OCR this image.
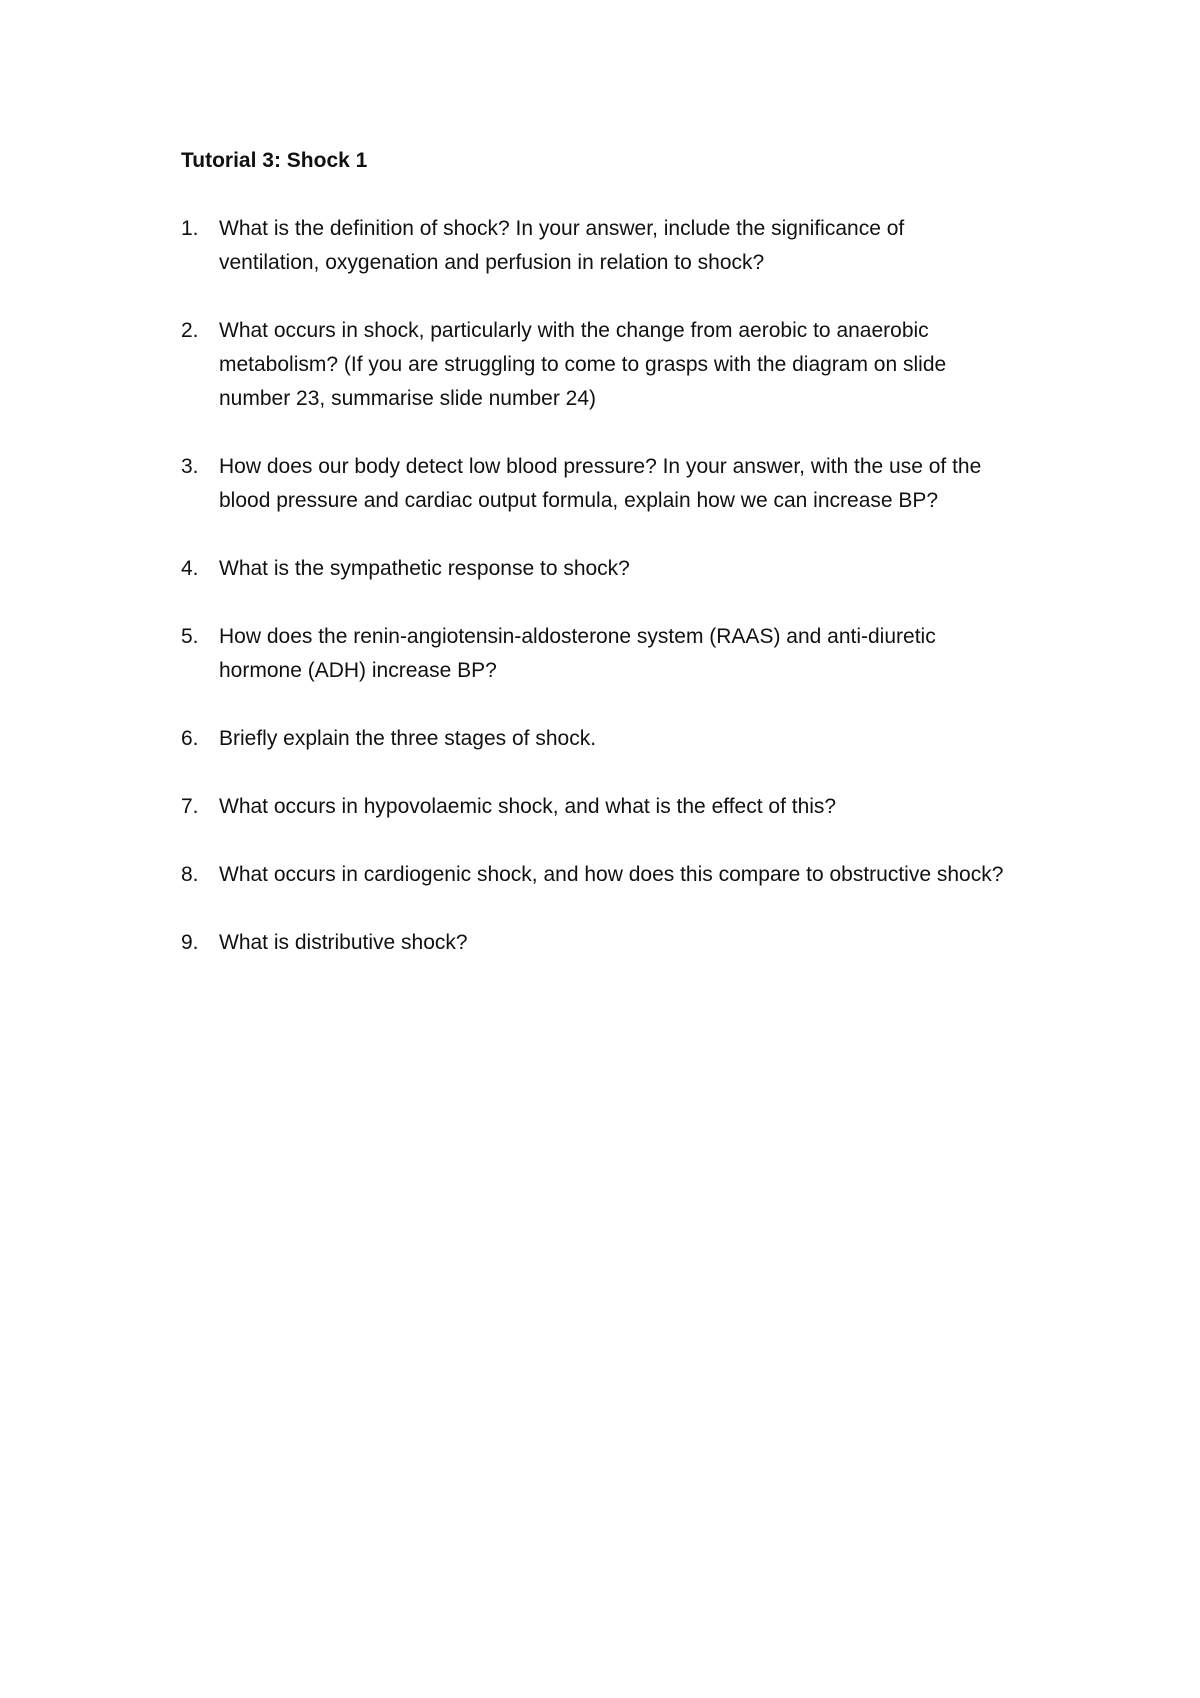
Tutorial 3: Shock 1
1. What is the definition of shock? In your answer, include the significance of
ventilation, oxygenation and perfusion in relation to shock?
2. What occurs in shock, particularly with the change from aerobic to anaerobic
metabolism? (If you are struggling to come to grasps with the diagram on slide
number 23, summarise slide number 24)
3. How does our body detect low blood pressure? In your answer, with the use of the
blood pressure and cardiac output formula, explain how we can increase BP?
4. What is the sympathetic response to shock?
5. How does the renin-angiotensin-aldosterone system (RAAS) and anti-diuretic
hormone (ADH) increase BP?
6. Briefly explain the three stages of shock.
7. What occurs in hypovolaemic shock, and what is the effect of this?
8. What occurs in cardiogenic shock, and how does this compare to obstructive shock?
9. What is distributive shock?
